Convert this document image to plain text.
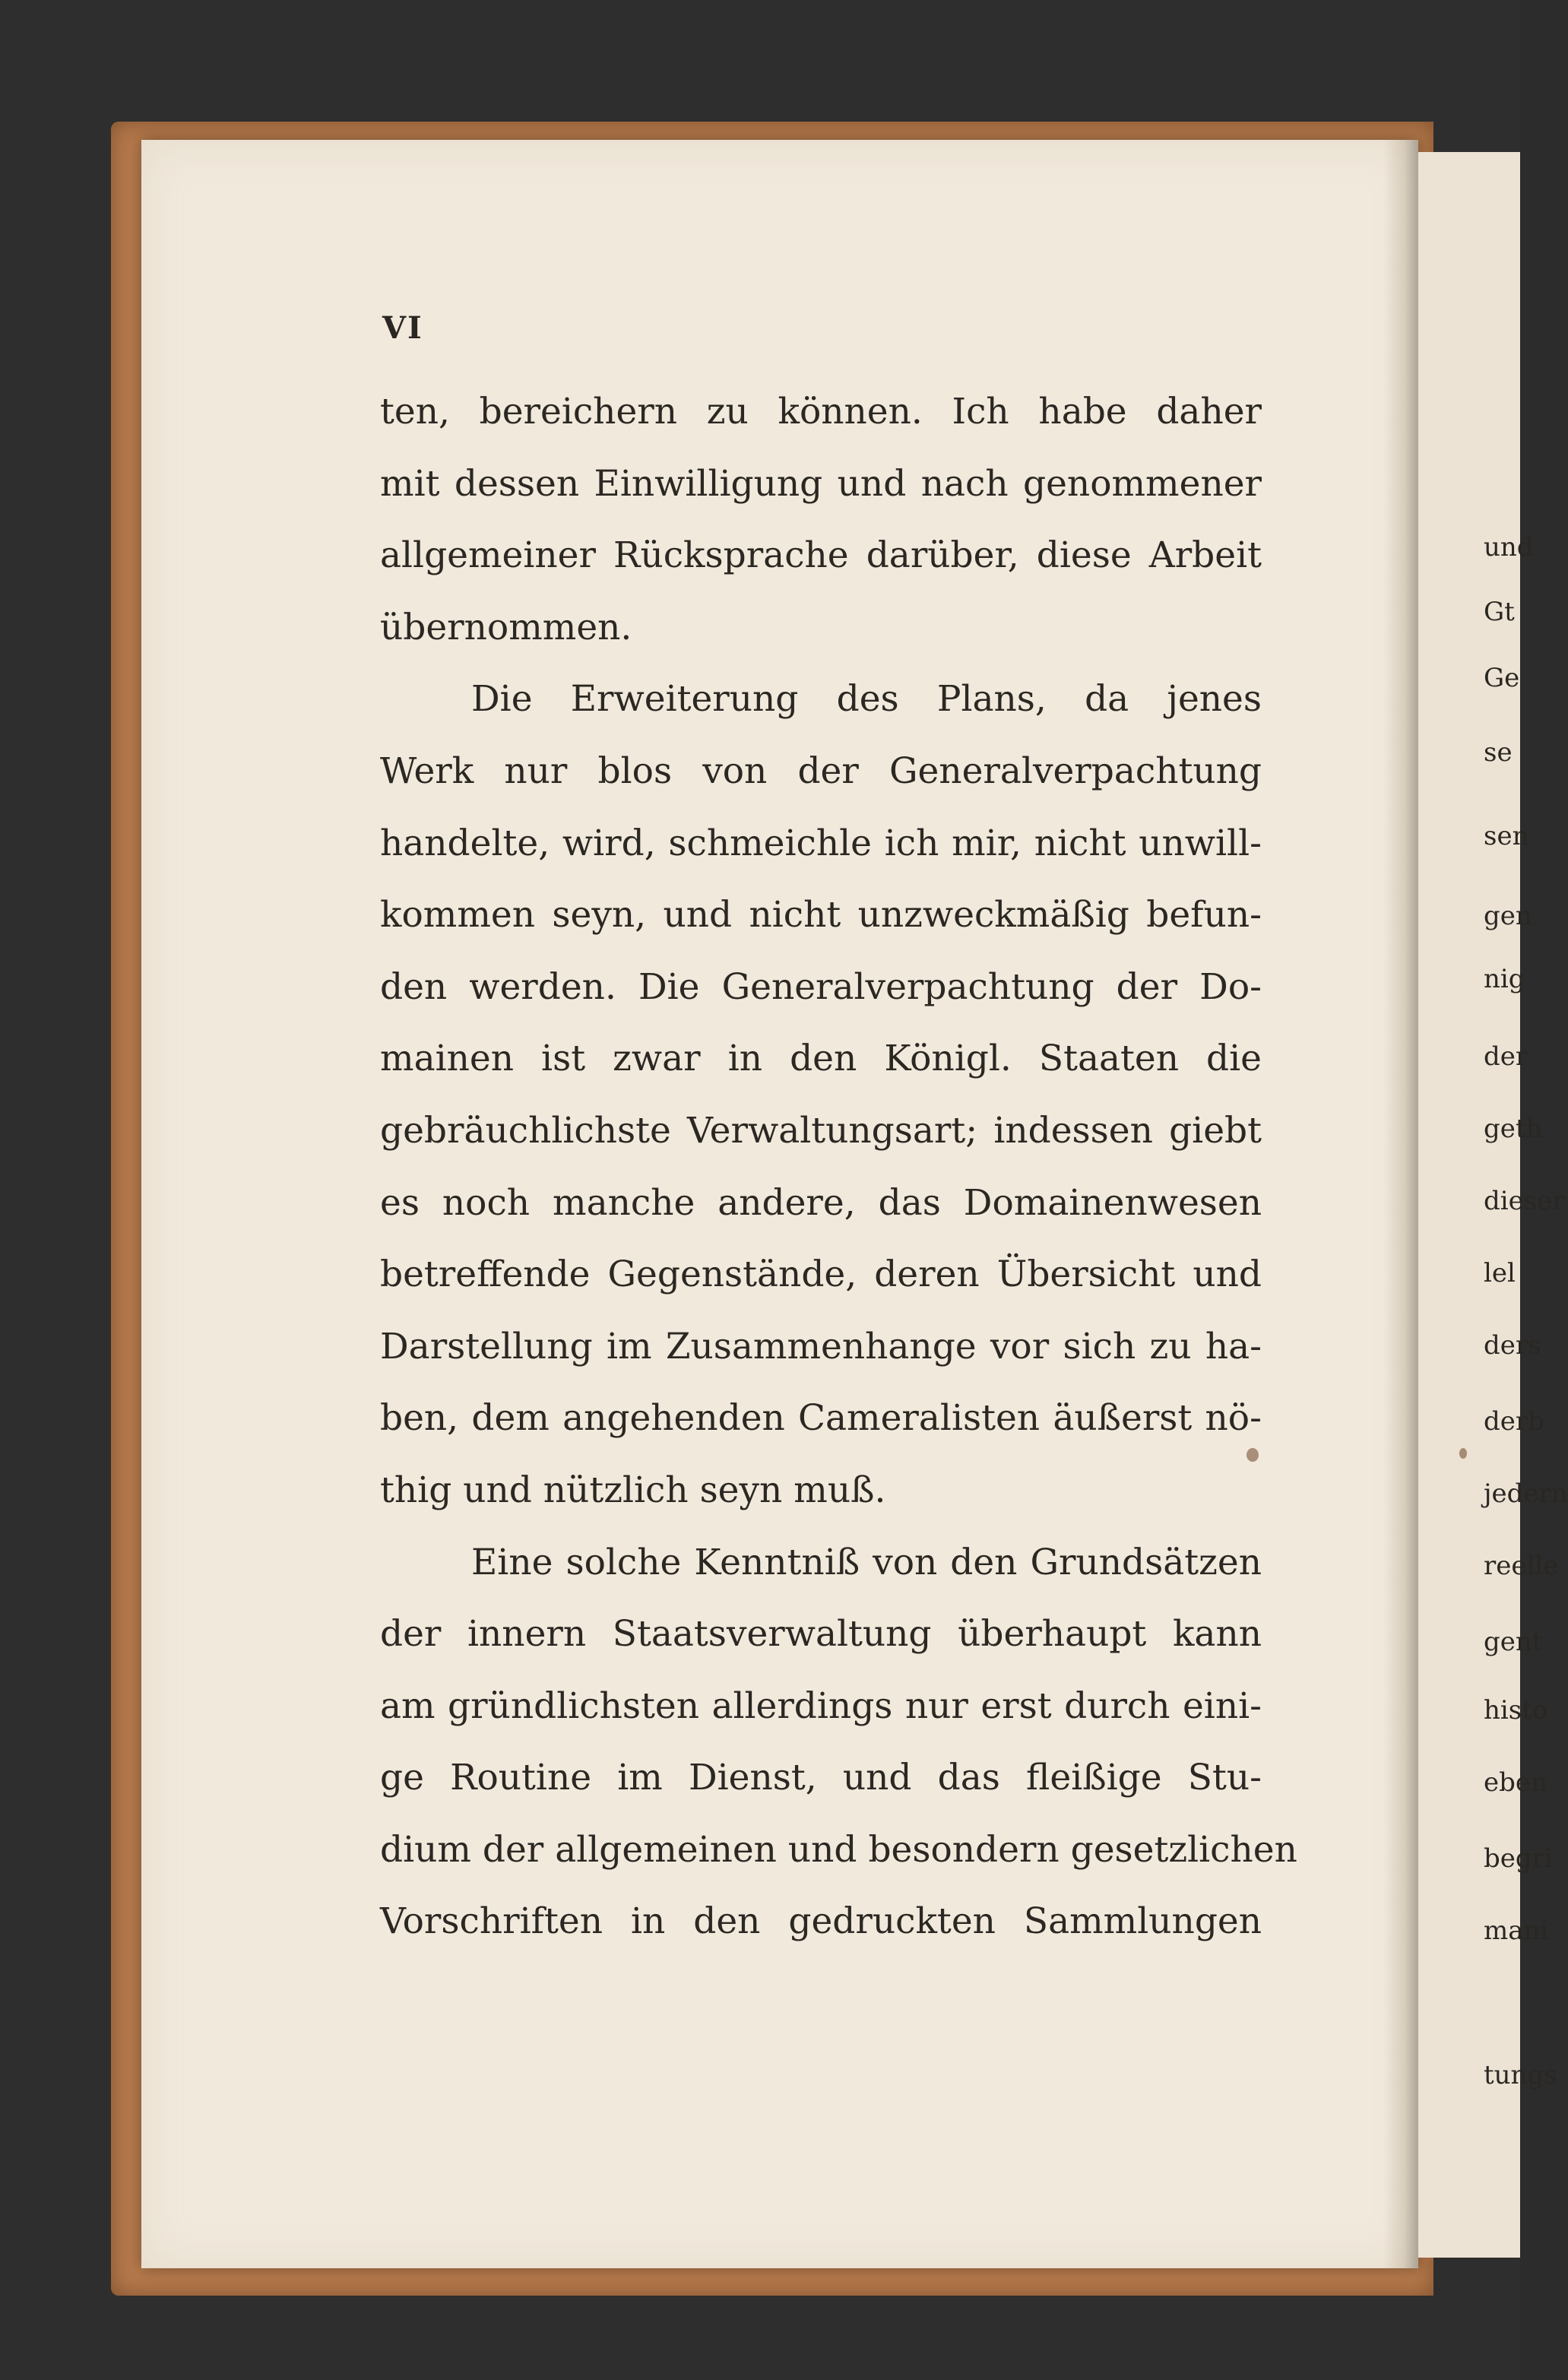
und
Gt
Ge
se
sen
gen
nig
der
geth
dieser
lel
ders
derb
jedern
reelle
gent
histo
eben
begri
mani
tungs
VI
ten, bereichern zu können. Ich habe daher
mit dessen Einwilligung und nach genommener
allgemeiner Rücksprache darüber, diese Arbeit
übernommen.
Die Erweiterung des Plans, da jenes
Werk nur blos von der Generalverpachtung
handelte, wird, schmeichle ich mir, nicht unwill-
kommen seyn, und nicht unzweckmäßig befun-
den werden. Die Generalverpachtung der Do-
mainen ist zwar in den Königl. Staaten die
gebräuchlichste Verwaltungsart; indessen giebt
es noch manche andere, das Domainenwesen
betreffende Gegenstände, deren Übersicht und
Darstellung im Zusammenhange vor sich zu ha-
ben, dem angehenden Cameralisten äußerst nö-
thig und nützlich seyn muß.
Eine solche Kenntniß von den Grundsätzen
der innern Staatsverwaltung überhaupt kann
am gründlichsten allerdings nur erst durch eini-
ge Routine im Dienst, und das fleißige Stu-
dium der allgemeinen und besondern gesetzlichen
Vorschriften in den gedruckten Sammlungen
